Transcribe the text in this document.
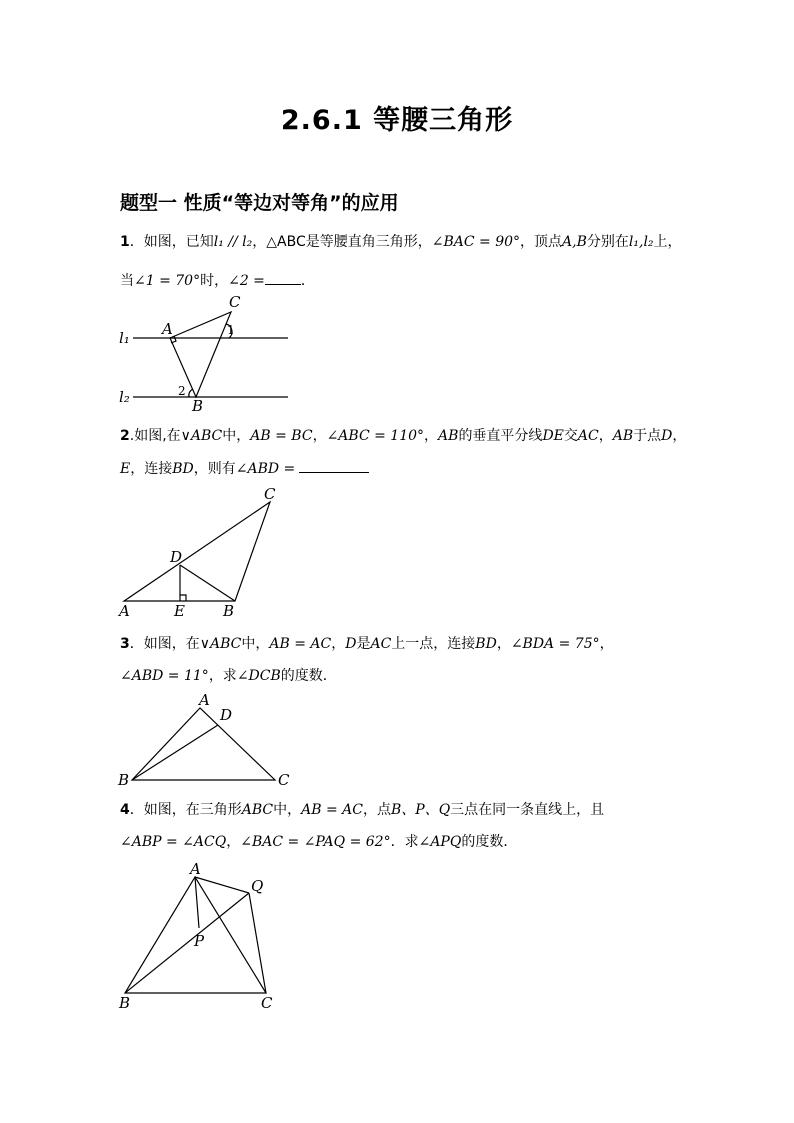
2.6.1 等腰三角形
题型一 性质“等边对等角”的应用
1．如图，已知l₁ // l₂，△ABC是等腰直角三角形，∠BAC = 90°，顶点A,B分别在l₁,l₂上，
当∠1 = 70°时，∠2 =	．
l₁
l₂
A
C
B
1
2
2.如图,在∨ABC中，AB = BC，∠ABC = 110°，AB的垂直平分线DE交AC，AB于点D，
E，连接BD，则有∠ABD =
A	B
C
D
E
3．如图，在∨ABC中，AB = AC，D是AC上一点，连接BD，∠BDA = 75°，
∠ABD = 11°，求∠DCB的度数．
A
D
B	C
4．如图，在三角形ABC中，AB = AC，点B、P、Q三点在同一条直线上，且
∠ABP = ∠ACQ，∠BAC = ∠PAQ = 62°．求∠APQ的度数．
A
Q
P
B	C
